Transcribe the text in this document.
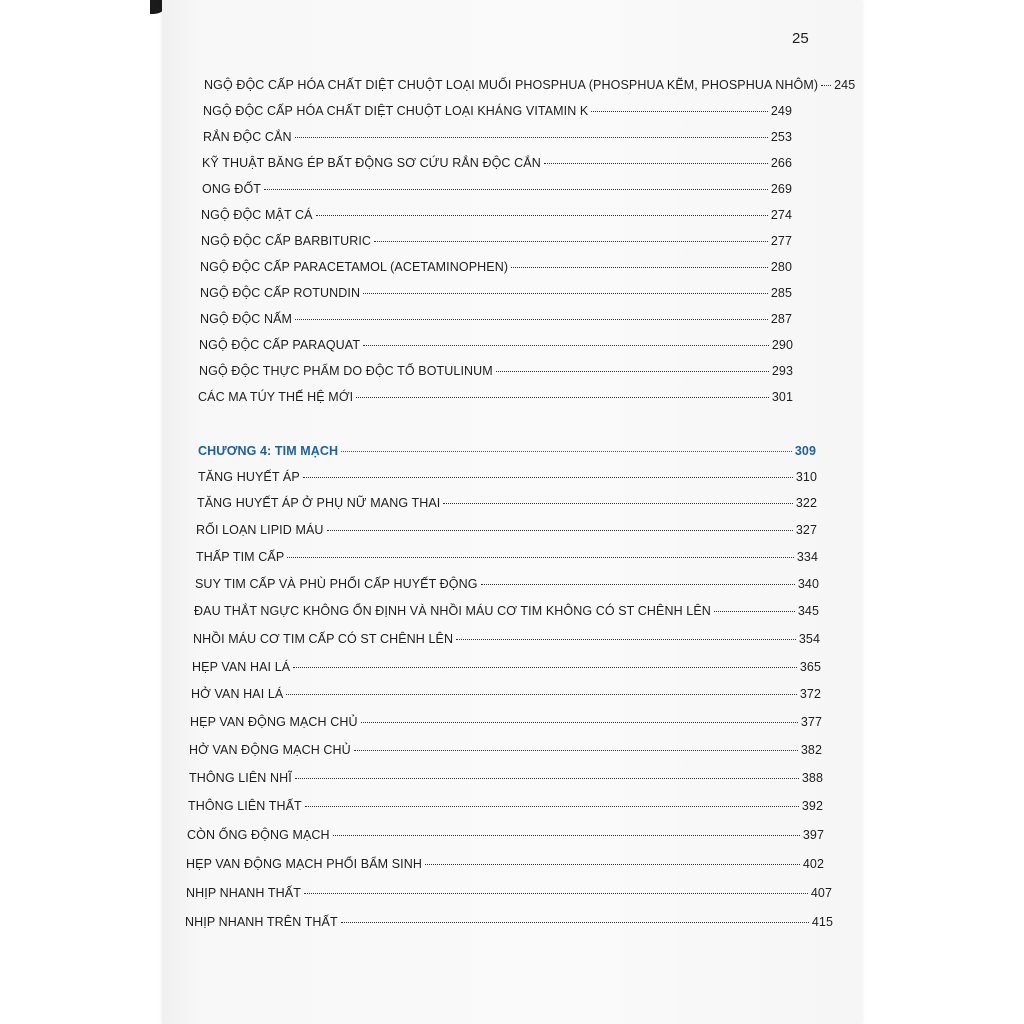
25
NGỘ ĐỘC CẤP HÓA CHẤT DIỆT CHUỘT LOẠI MUỐI PHOSPHUA (PHOSPHUA KẼM, PHOSPHUA NHÔM) 245
NGỘ ĐỘC CẤP HÓA CHẤT DIỆT CHUỘT LOẠI KHÁNG VITAMIN K	249
RẮN ĐỘC CẮN	253
KỸ THUẬT BĂNG ÉP BẤT ĐỘNG SƠ CỨU RẮN ĐỘC CẮN	266
ONG ĐỐT	269
NGỘ ĐỘC MẬT CÁ	274
NGỘ ĐỘC CẤP BARBITURIC	277
NGỘ ĐỘC CẤP PARACETAMOL (ACETAMINOPHEN)	280
NGỘ ĐỘC CẤP ROTUNDIN	285
NGỘ ĐỘC NẤM	287
NGỘ ĐỘC CẤP PARAQUAT	290
NGỘ ĐỘC THỰC PHẨM DO ĐỘC TỐ BOTULINUM	293
CÁC MA TÚY THẾ HỆ MỚI	301
CHƯƠNG 4: TIM MẠCH	309
TĂNG HUYẾT ÁP	310
TĂNG HUYẾT ÁP Ở PHỤ NỮ MANG THAI	322
RỐI LOẠN LIPID MÁU	327
THẤP TIM CẤP	334
SUY TIM CẤP VÀ PHÙ PHỔI CẤP HUYẾT ĐỘNG	340
ĐAU THẮT NGỰC KHÔNG ỔN ĐỊNH VÀ NHỒI MÁU CƠ TIM KHÔNG CÓ ST CHÊNH LÊN	345
NHỒI MÁU CƠ TIM CẤP CÓ ST CHÊNH LÊN	354
HẸP VAN HAI LÁ	365
HỞ VAN HAI LÁ	372
HẸP VAN ĐỘNG MẠCH CHỦ	377
HỞ VAN ĐỘNG MẠCH CHỦ	382
THÔNG LIÊN NHĨ	388
THÔNG LIÊN THẤT	392
CÒN ỐNG ĐỘNG MẠCH	397
HẸP VAN ĐỘNG MẠCH PHỔI BẨM SINH	402
NHỊP NHANH THẤT	407
NHỊP NHANH TRÊN THẤT	415
